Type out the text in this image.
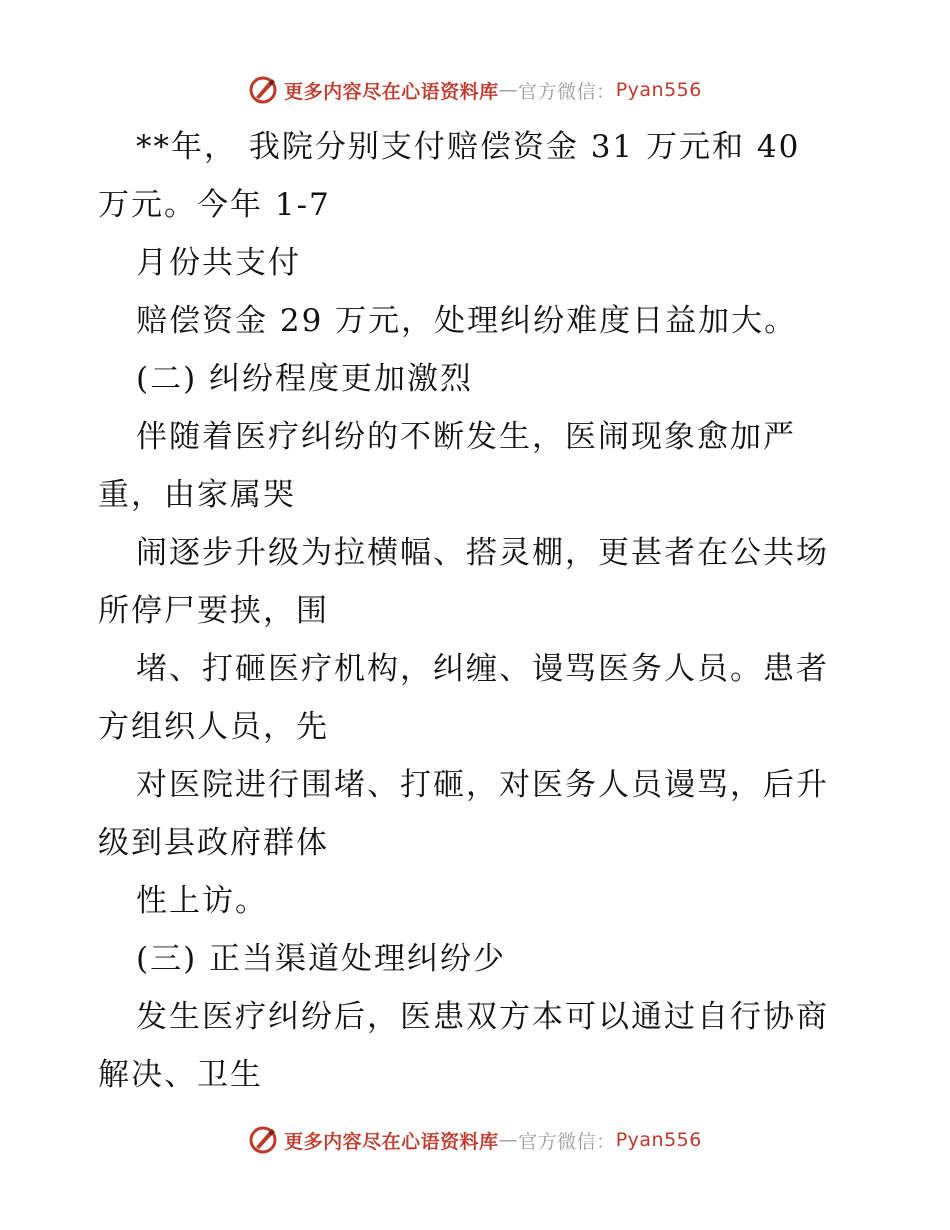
更多内容尽在心语资料库 — 官方微信： Pyan556
**年， 我院分别支付赔偿资金 31 万元和 40
万元。今年 1-7
月份共支付
赔偿资金 29 万元，处理纠纷难度日益加大。
(二) 纠纷程度更加激烈
伴随着医疗纠纷的不断发生，医闹现象愈加严
重，由家属哭
闹逐步升级为拉横幅、搭灵棚，更甚者在公共场
所停尸要挟，围
堵、打砸医疗机构，纠缠、谩骂医务人员。患者
方组织人员，先
对医院进行围堵、打砸，对医务人员谩骂，后升
级到县政府群体
性上访。
(三) 正当渠道处理纠纷少
发生医疗纠纷后，医患双方本可以通过自行协商
解决、卫生
更多内容尽在心语资料库 — 官方微信： Pyan556
